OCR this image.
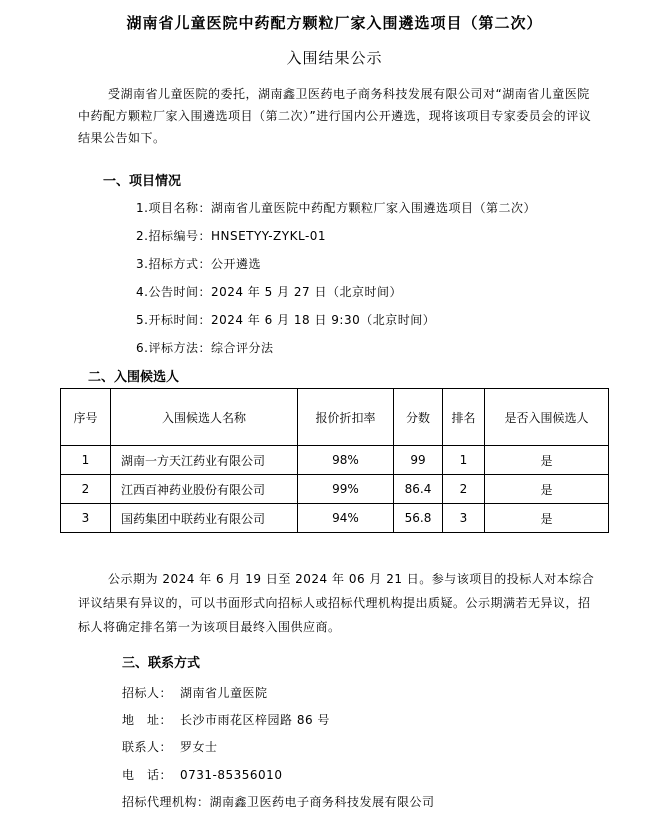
湖南省儿童医院中药配方颗粒厂家入围遴选项目（第二次）
入围结果公示
受湖南省儿童医院的委托，湖南鑫卫医药电子商务科技发展有限公司对“湖南省儿童医院中药配方颗粒厂家入围遴选项目（第二次）”进行国内公开遴选，现将该项目专家委员会的评议结果公告如下。
一、项目情况
1.项目名称：湖南省儿童医院中药配方颗粒厂家入围遴选项目（第二次）
2.招标编号：HNSETYY-ZYKL-01
3.招标方式：公开遴选
4.公告时间：2024 年 5 月 27 日（北京时间）
5.开标时间：2024 年 6 月 18 日 9:30（北京时间）
6.评标方法：综合评分法
二、入围候选人
序号	入围候选人名称	报价折扣率	分数	排名	是否入围候选人
1	湖南一方天江药业有限公司	98%	99	1	是
2	江西百神药业股份有限公司	99%	86.4	2	是
3	国药集团中联药业有限公司	94%	56.8	3	是
公示期为 2024 年 6 月 19 日至 2024 年 06 月 21 日。参与该项目的投标人对本综合评议结果有异议的，可以书面形式向招标人或招标代理机构提出质疑。公示期满若无异议，招标人将确定排名第一为该项目最终入围供应商。
三、联系方式
招标人： 湖南省儿童医院
地　址： 长沙市雨花区梓园路 86 号
联系人： 罗女士
电　话： 0731-85356010
招标代理机构：湖南鑫卫医药电子商务科技发展有限公司
